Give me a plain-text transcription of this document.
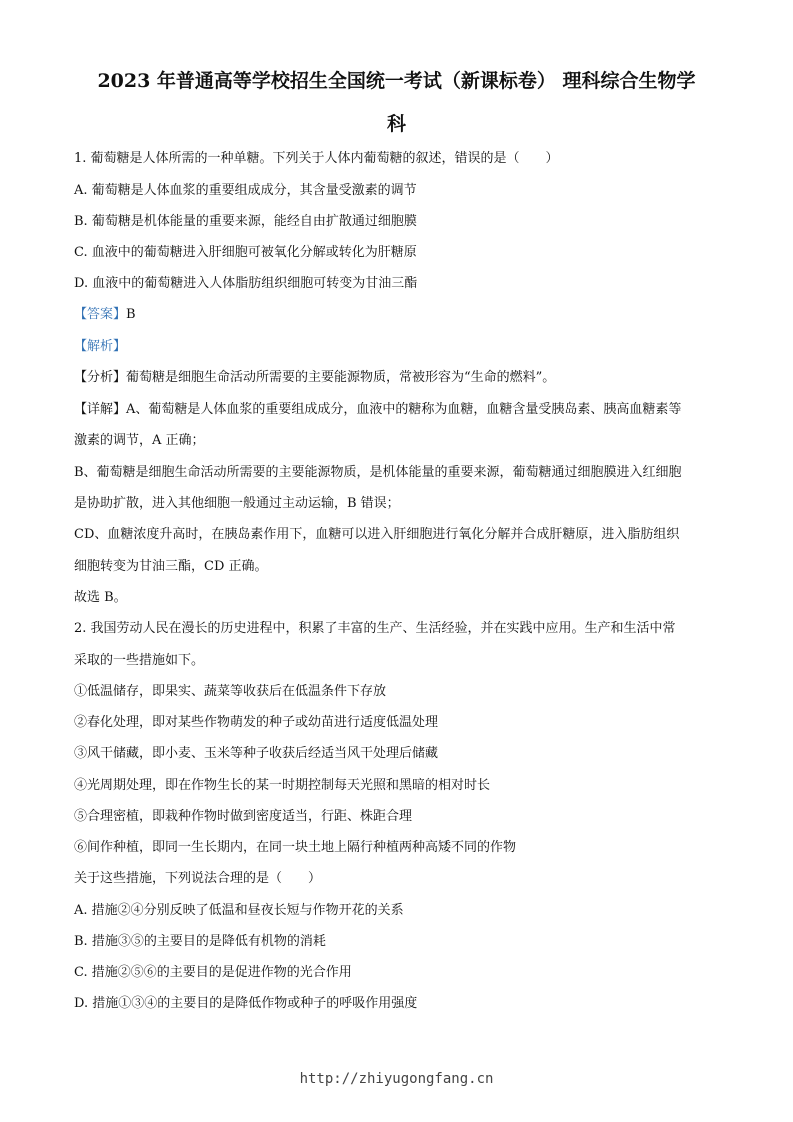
2023 年普通高等学校招生全国统一考试（新课标卷） 理科综合生物学
科
1. 葡萄糖是人体所需的一种单糖。下列关于人体内葡萄糖的叙述，错误的是（　　）
A. 葡萄糖是人体血浆的重要组成成分，其含量受激素的调节
B. 葡萄糖是机体能量的重要来源，能经自由扩散通过细胞膜
C. 血液中的葡萄糖进入肝细胞可被氧化分解或转化为肝糖原
D. 血液中的葡萄糖进入人体脂肪组织细胞可转变为甘油三酯
【答案】B
【解析】
【分析】葡萄糖是细胞生命活动所需要的主要能源物质，常被形容为“生命的燃料”。
【详解】A、葡萄糖是人体血浆的重要组成成分，血液中的糖称为血糖，血糖含量受胰岛素、胰高血糖素等
激素的调节，A 正确；
B、葡萄糖是细胞生命活动所需要的主要能源物质，是机体能量的重要来源，葡萄糖通过细胞膜进入红细胞
是协助扩散，进入其他细胞一般通过主动运输，B 错误；
CD、血糖浓度升高时，在胰岛素作用下，血糖可以进入肝细胞进行氧化分解并合成肝糖原，进入脂肪组织
细胞转变为甘油三酯，CD 正确。
故选 B。
2. 我国劳动人民在漫长的历史进程中，积累了丰富的生产、生活经验，并在实践中应用。生产和生活中常
采取的一些措施如下。
①低温储存，即果实、蔬菜等收获后在低温条件下存放
②春化处理，即对某些作物萌发的种子或幼苗进行适度低温处理
③风干储藏，即小麦、玉米等种子收获后经适当风干处理后储藏
④光周期处理，即在作物生长的某一时期控制每天光照和黑暗的相对时长
⑤合理密植，即栽种作物时做到密度适当，行距、株距合理
⑥间作种植，即同一生长期内，在同一块土地上隔行种植两种高矮不同的作物
关于这些措施，下列说法合理的是（　　）
A. 措施②④分别反映了低温和昼夜长短与作物开花的关系
B. 措施③⑤的主要目的是降低有机物的消耗
C. 措施②⑤⑥的主要目的是促进作物的光合作用
D. 措施①③④的主要目的是降低作物或种子的呼吸作用强度
http://zhiyugongfang.cn
